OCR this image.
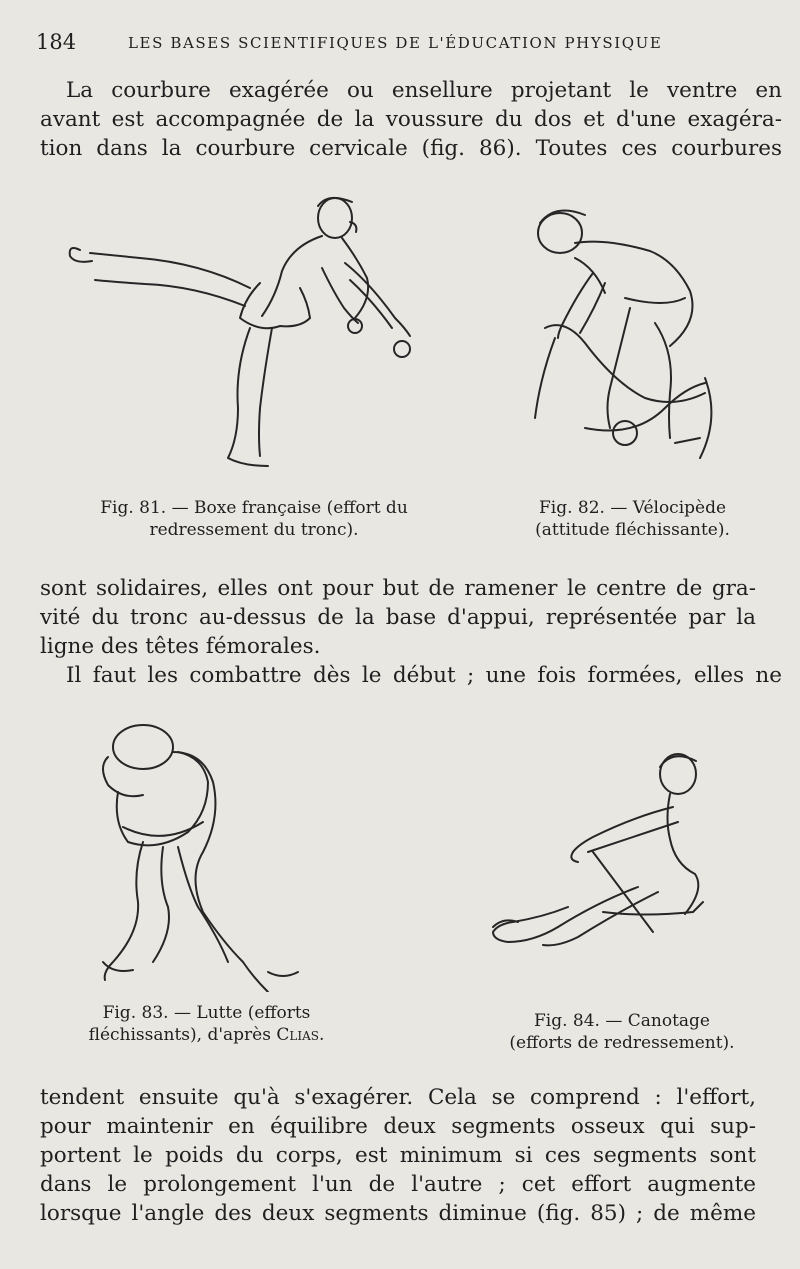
184	LES BASES SCIENTIFIQUES DE L'ÉDUCATION PHYSIQUE

La courbure exagérée ou ensellure projetant le ventre en
avant est accompagnée de la voussure du dos et d'une exagéra-
tion dans la courbure cervicale (fig. 86). Toutes ces courbures

Fig. 81. — Boxe française (effort du
redressement du tronc).
Fig. 82. — Vélocipède
(attitude fléchissante).

sont solidaires, elles ont pour but de ramener le centre de gra-
vité du tronc au-dessus de la base d'appui, représentée par la
ligne des têtes fémorales.

Il faut les combattre dès le début ; une fois formées, elles ne

Fig. 83. — Lutte (efforts
fléchissants), d'après Clias.
Fig. 84. — Canotage
(efforts de redressement).

tendent ensuite qu'à s'exagérer. Cela se comprend : l'effort,
pour maintenir en équilibre deux segments osseux qui sup-
portent le poids du corps, est minimum si ces segments sont
dans le prolongement l'un de l'autre ; cet effort augmente
lorsque l'angle des deux segments diminue (fig. 85) ; de même
